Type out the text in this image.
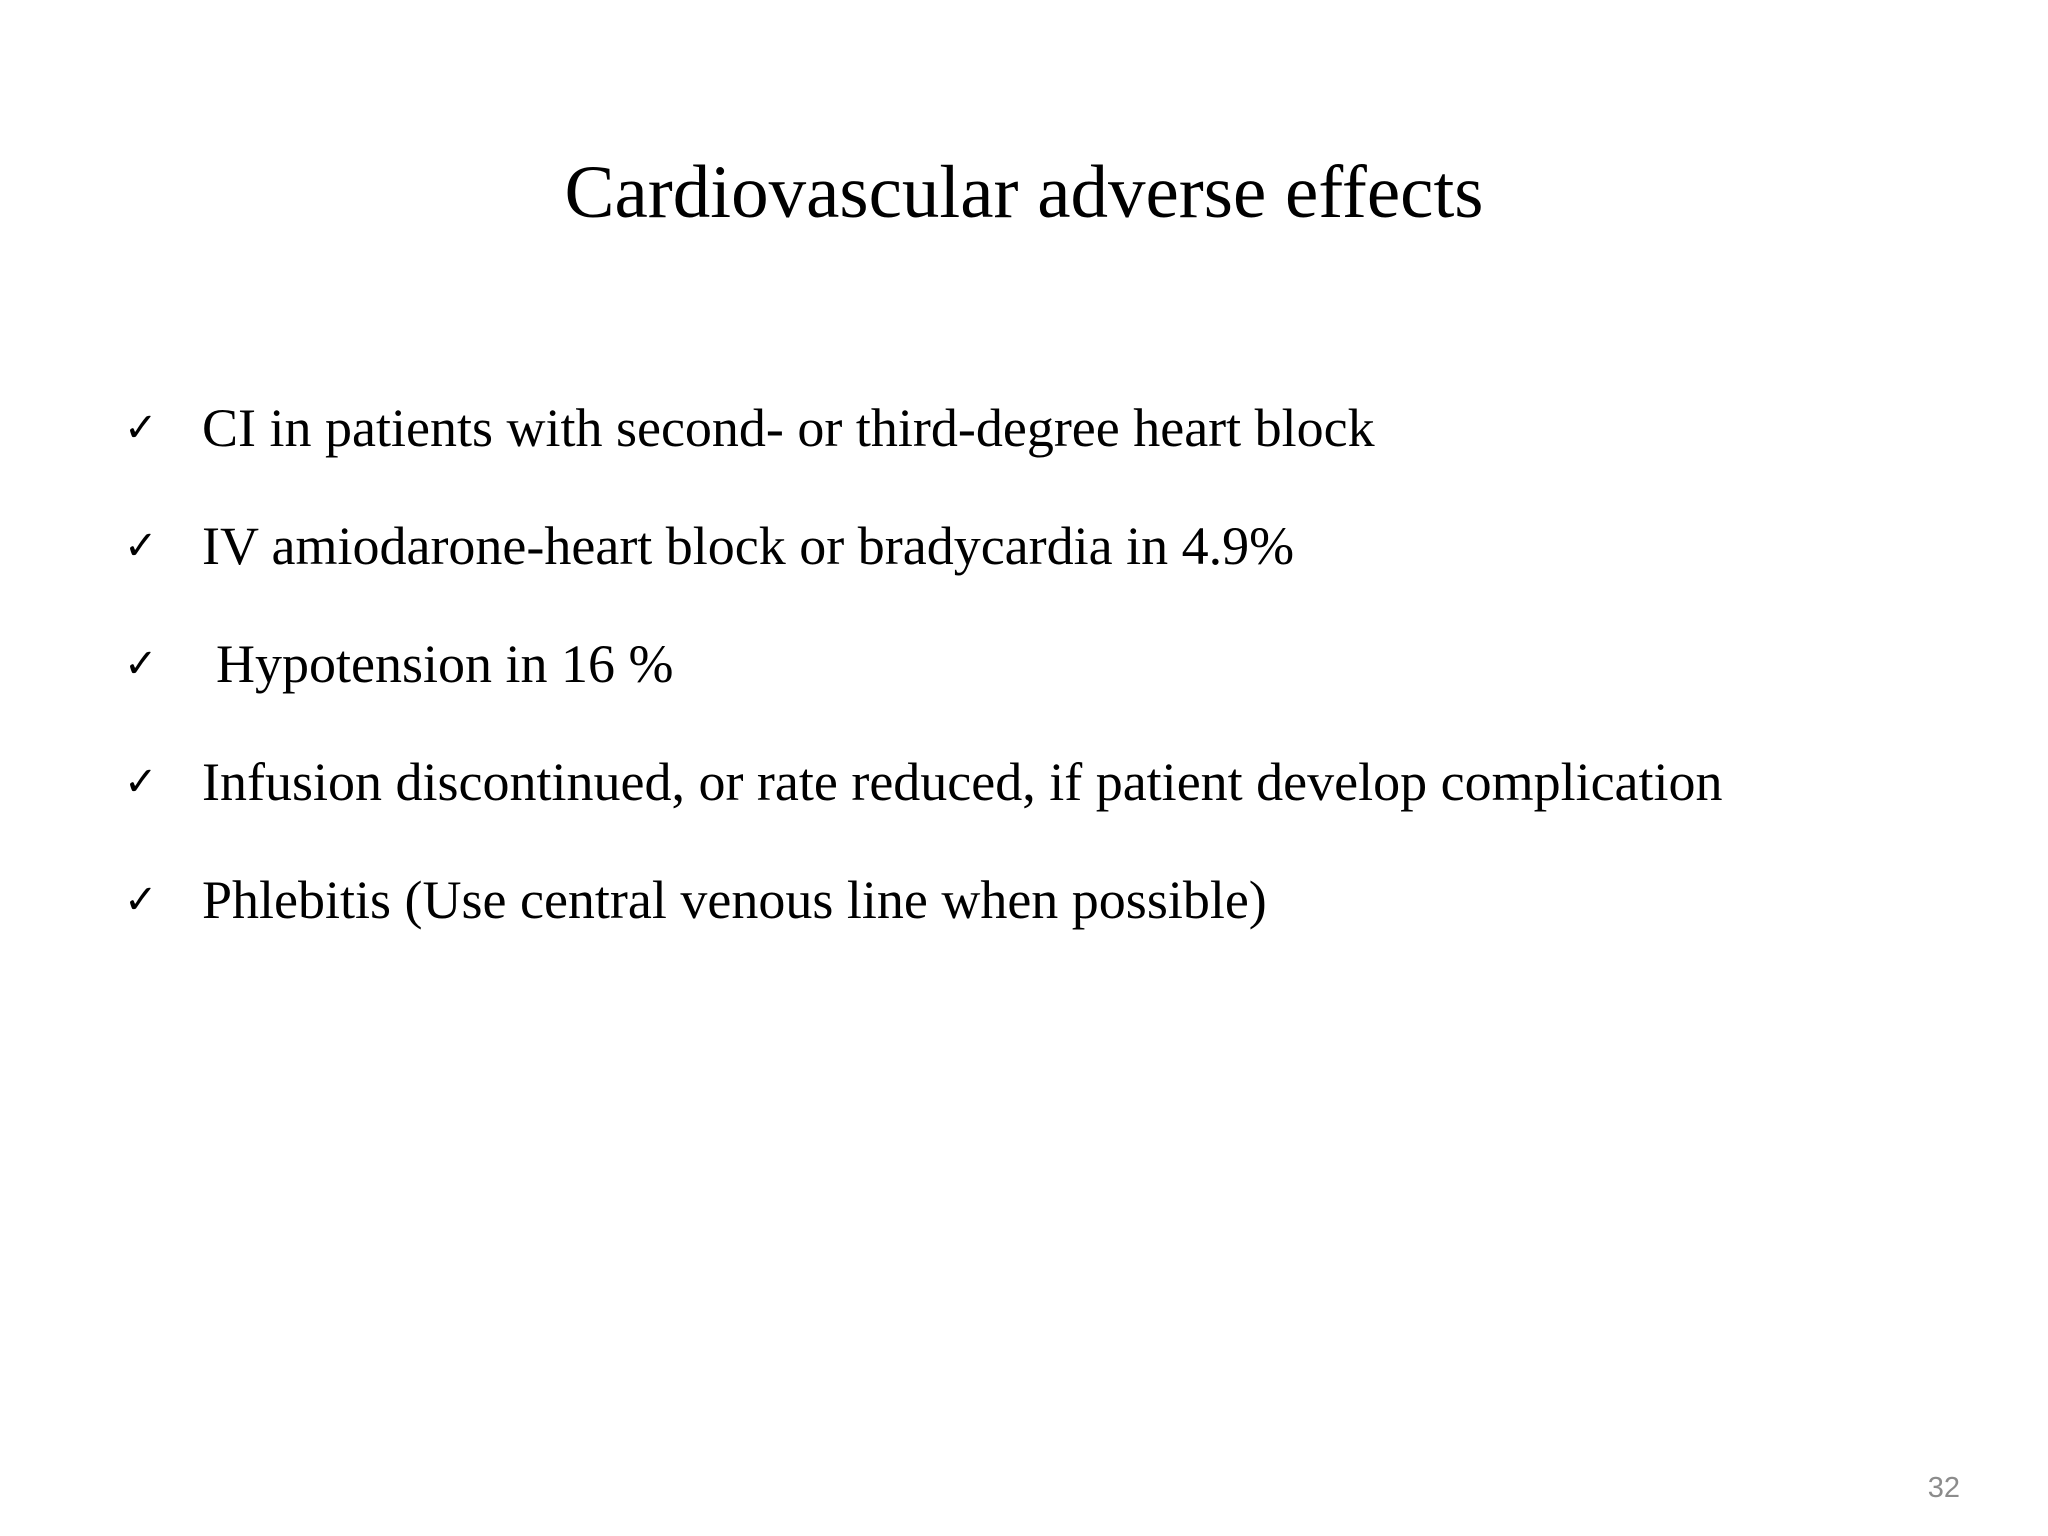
Cardiovascular adverse effects
✓ CI in patients with second- or third-degree heart block
✓ IV amiodarone-heart block or bradycardia in 4.9%
✓	Hypotension in 16 %
✓ Infusion discontinued, or rate reduced, if patient develop complication
✓ Phlebitis (Use central venous line when possible)
32
